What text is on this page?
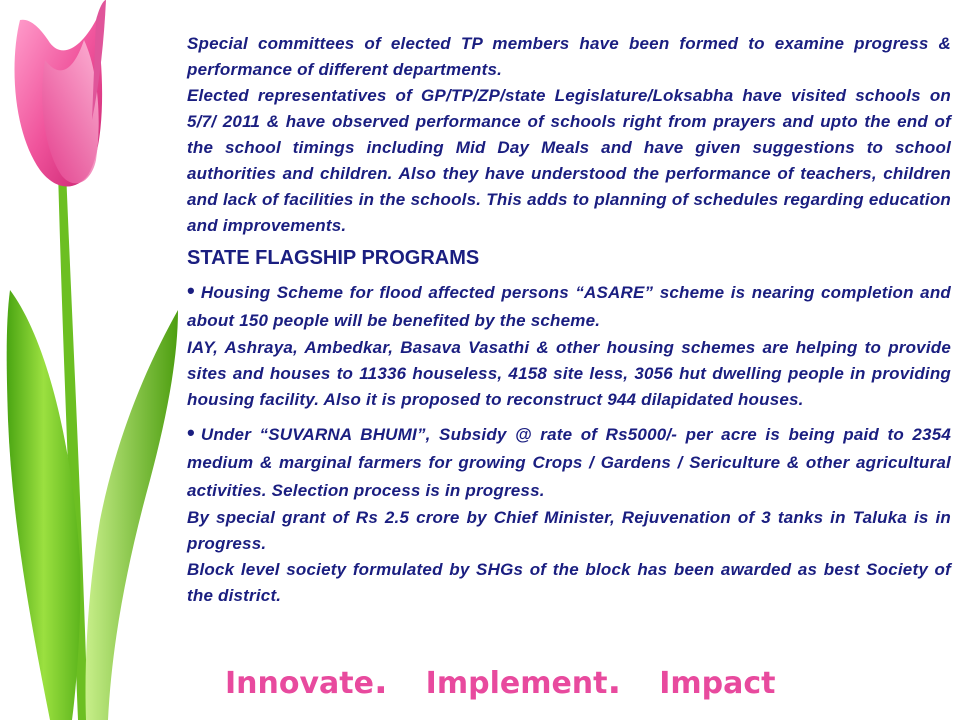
Special committees of elected TP members have been formed to examine progress & performance of different departments.

Elected representatives of GP/TP/ZP/state Legislature/Loksabha have visited schools on 5/7/ 2011 & have observed performance of schools right from prayers and upto the end of the school timings including Mid Day Meals and have given suggestions to school authorities and children. Also they have understood the performance of teachers, children and lack of facilities in the schools. This adds to planning of schedules regarding education and improvements.

STATE FLAGSHIP PROGRAMS

• Housing Scheme for flood affected persons “ASARE” scheme is nearing completion and about 150 people will be benefited by the scheme.

IAY, Ashraya, Ambedkar, Basava Vasathi & other housing schemes are helping to provide sites and houses to 11336 houseless, 4158 site less, 3056 hut dwelling people in providing housing facility. Also it is proposed to reconstruct 944 dilapidated houses.

• Under “SUVARNA BHUMI”, Subsidy @ rate of Rs5000/- per acre is being paid to 2354 medium & marginal farmers for growing Crops / Gardens / Sericulture & other agricultural activities. Selection process is in progress.

By special grant of Rs 2.5 crore by Chief Minister, Rejuvenation of 3 tanks in Taluka is in progress.

Block level society formulated by SHGs of the block has been awarded as best Society of the district.

Innovate. Implement. Impact
